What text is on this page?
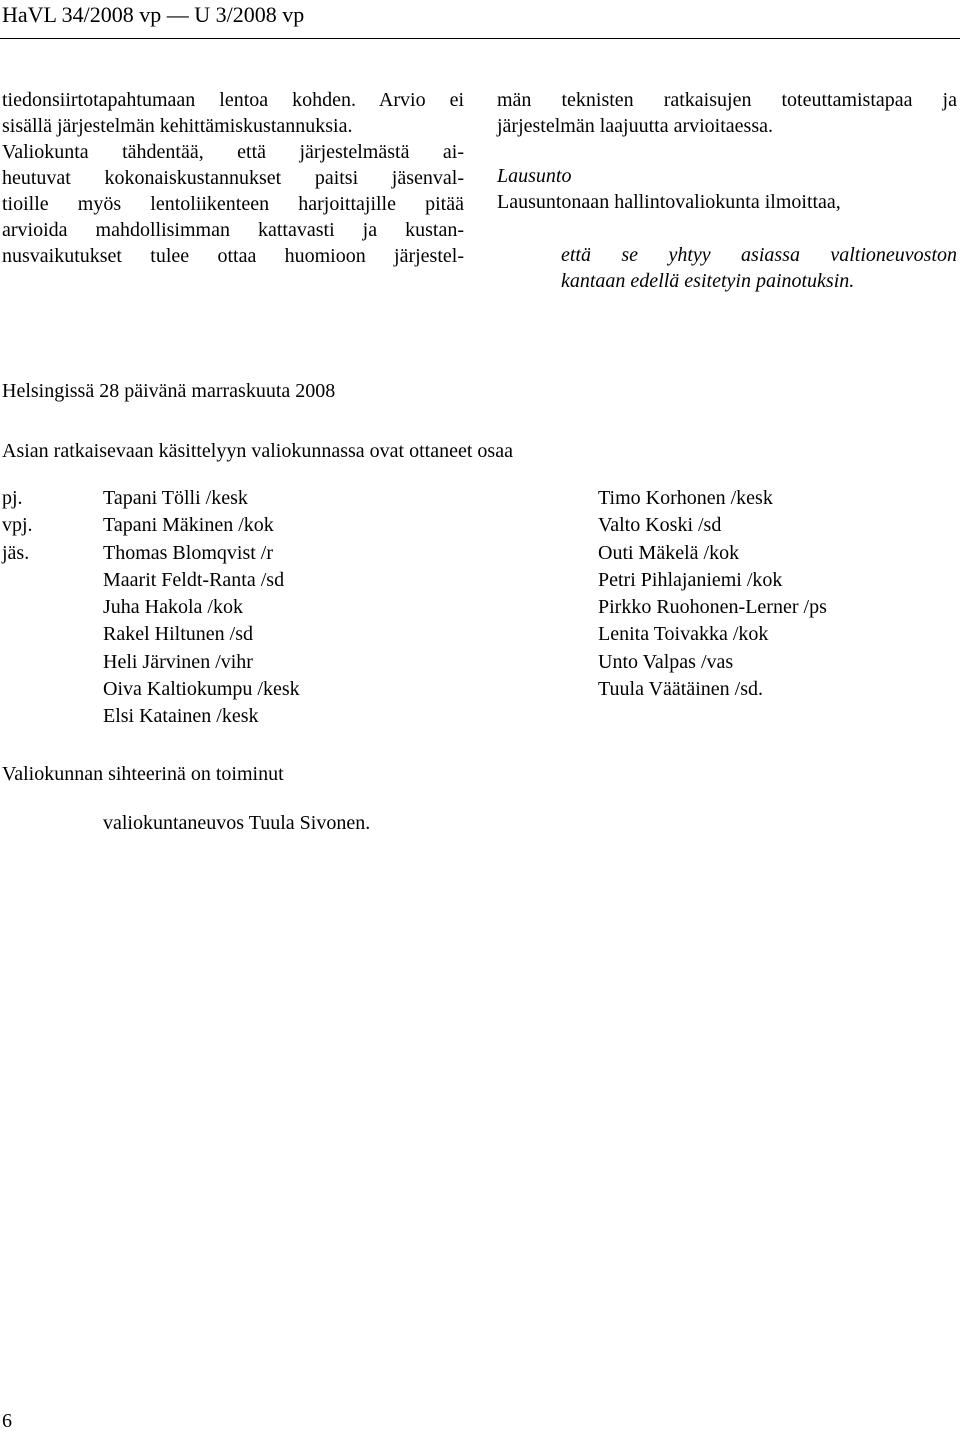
HaVL 34/2008 vp — U 3/2008 vp

tiedonsiirtotapahtumaan lentoa kohden. Arvio ei

sisällä järjestelmän kehittämiskustannuksia.

Valiokunta tähdentää, että järjestelmästä ai-

heutuvat kokonaiskustannukset paitsi jäsenval-

tioille myös lentoliikenteen harjoittajille pitää

arvioida mahdollisimman kattavasti ja kustan-

nusvaikutukset tulee ottaa huomioon järjestel-

män teknisten ratkaisujen toteuttamistapaa ja

järjestelmän laajuutta arvioitaessa.

Lausunto

Lausuntonaan hallintovaliokunta ilmoittaa,

että se yhtyy asiassa valtioneuvoston

kantaan edellä esitetyin painotuksin.

Helsingissä 28 päivänä marraskuuta 2008
Asian ratkaisevaan käsittelyyn valiokunnassa ovat ottaneet osaa
pj.
vpj.
jäs.
Tapani Tölli /kesk
Tapani Mäkinen /kok
Thomas Blomqvist /r
Maarit Feldt-Ranta /sd
Juha Hakola /kok
Rakel Hiltunen /sd
Heli Järvinen /vihr
Oiva Kaltiokumpu /kesk
Elsi Katainen /kesk
Timo Korhonen /kesk
Valto Koski /sd
Outi Mäkelä /kok
Petri Pihlajaniemi /kok
Pirkko Ruohonen-Lerner /ps
Lenita Toivakka /kok
Unto Valpas /vas
Tuula Väätäinen /sd.
Valiokunnan sihteerinä on toiminut
valiokuntaneuvos Tuula Sivonen.
6
